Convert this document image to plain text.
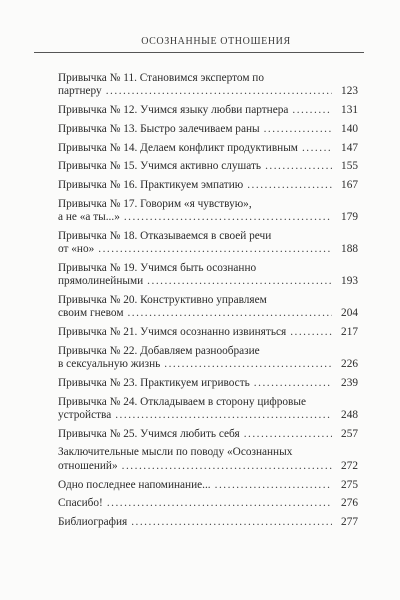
ОСОЗНАННЫЕ ОТНОШЕНИЯ
Привычка № 11. Становимся экспертом по
партнеру .....	123
Привычка № 12. Учимся языку любви партнера .....	131
Привычка № 13. Быстро залечиваем раны .....	140
Привычка № 14. Делаем конфликт продуктивным .....	147
Привычка № 15. Учимся активно слушать .....	155
Привычка № 16. Практикуем эмпатию .....	167
Привычка № 17. Говорим «я чувствую»,
а не «а ты...» .....	179
Привычка № 18. Отказываемся в своей речи
от «но» .....	188
Привычка № 19. Учимся быть осознанно
прямолинейными .....	193
Привычка № 20. Конструктивно управляем
своим гневом .....	204
Привычка № 21. Учимся осознанно извиняться .....	217
Привычка № 22. Добавляем разнообразие
в сексуальную жизнь .....	226
Привычка № 23. Практикуем игривость .....	239
Привычка № 24. Откладываем в сторону цифровые
устройства .....	248
Привычка № 25. Учимся любить себя .....	257
Заключительные мысли по поводу «Осознанных
отношений» .....	272
Одно последнее напоминание... .....	275
Спасибо! .....	276
Библиография .....	277
